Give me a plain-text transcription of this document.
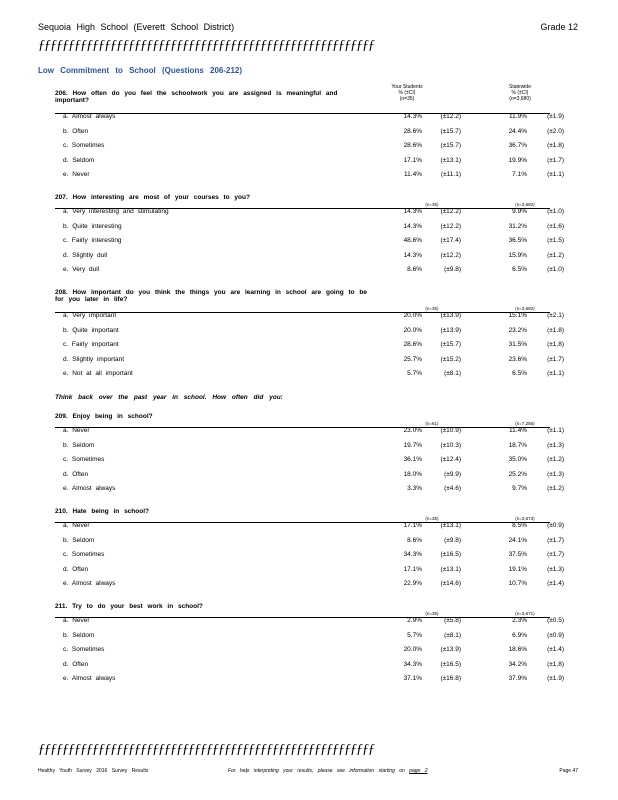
Sequoia High School (Everett School District)	Grade 12
ƒƒƒƒƒƒƒƒƒƒƒƒƒƒƒƒƒƒƒƒƒƒƒƒƒƒƒƒƒƒƒƒƒƒƒƒƒƒƒƒƒƒƒƒƒƒƒƒƒƒƒƒƒƒƒƒ
Low Commitment to School (Questions 206-212)
Your Students
% (±CI)
(n=35)
Statewide
% (±CI)
(n=3,680)
Think back over the past year in school. How often did you:
206. How often do you feel the schoolwork you are assigned is meaningful and important?
a. Almost always	14.3%	(±12.2)	11.9%	(±1.9)
b. Often	28.6%	(±15.7)	24.4%	(±2.0)
c. Sometimes	28.6%	(±15.7)	36.7%	(±1.8)
d. Seldom	17.1%	(±13.1)	19.9%	(±1.7)
e. Never	11.4%	(±11.1)	7.1%	(±1.1)
207. How interesting are most of your courses to you?
(n=35)	(n=3,682)
a. Very interesting and stimulating	14.3%	(±12.2)	9.9%	(±1.0)
b. Quite interesting	14.3%	(±12.2)	31.2%	(±1.6)
c. Fairly interesting	48.6%	(±17.4)	36.5%	(±1.5)
d. Slightly dull	14.3%	(±12.2)	15.9%	(±1.2)
e. Very dull	8.6%	(±9.8)	6.5%	(±1.0)
208. How important do you think the things you are learning in school are going to be for you later in life?
(n=35)	(n=3,682)
a. Very important	20.0%	(±13.9)	15.1%	(±2.1)
b. Quite important	20.0%	(±13.9)	23.2%	(±1.8)
c. Fairly important	28.6%	(±15.7)	31.5%	(±1.8)
d. Slightly important	25.7%	(±15.2)	23.6%	(±1.7)
e. Not at all important	5.7%	(±8.1)	6.5%	(±1.1)
209. Enjoy being in school?
(n=61)	(n=7,256)
a. Never	23.0%	(±10.9)	11.4%	(±1.1)
b. Seldom	19.7%	(±10.3)	18.7%	(±1.3)
c. Sometimes	36.1%	(±12.4)	35.0%	(±1.2)
d. Often	18.0%	(±9.9)	25.2%	(±1.3)
e. Almost always	3.3%	(±4.6)	9.7%	(±1.2)
210. Hate being in school?
(n=35)	(n=3,673)
a. Never	17.1%	(±13.1)	8.5%	(±0.9)
b. Seldom	8.6%	(±9.8)	24.1%	(±1.7)
c. Sometimes	34.3%	(±16.5)	37.5%	(±1.7)
d. Often	17.1%	(±13.1)	19.1%	(±1.3)
e. Almost always	22.9%	(±14.6)	10.7%	(±1.4)
211. Try to do your best work in school?
(n=35)	(n=3,671)
a. Never	2.9%	(±5.8)	2.3%	(±0.5)
b. Seldom	5.7%	(±8.1)	6.9%	(±0.9)
c. Sometimes	20.0%	(±13.9)	18.6%	(±1.4)
d. Often	34.3%	(±16.5)	34.2%	(±1.8)
e. Almost always	37.1%	(±16.8)	37.9%	(±1.9)
ƒƒƒƒƒƒƒƒƒƒƒƒƒƒƒƒƒƒƒƒƒƒƒƒƒƒƒƒƒƒƒƒƒƒƒƒƒƒƒƒƒƒƒƒƒƒƒƒƒƒƒƒƒƒƒƒ
Healthy Youth Survey 2016 Survey Results	For help interpreting your results, please see information starting on page 2	Page 47
